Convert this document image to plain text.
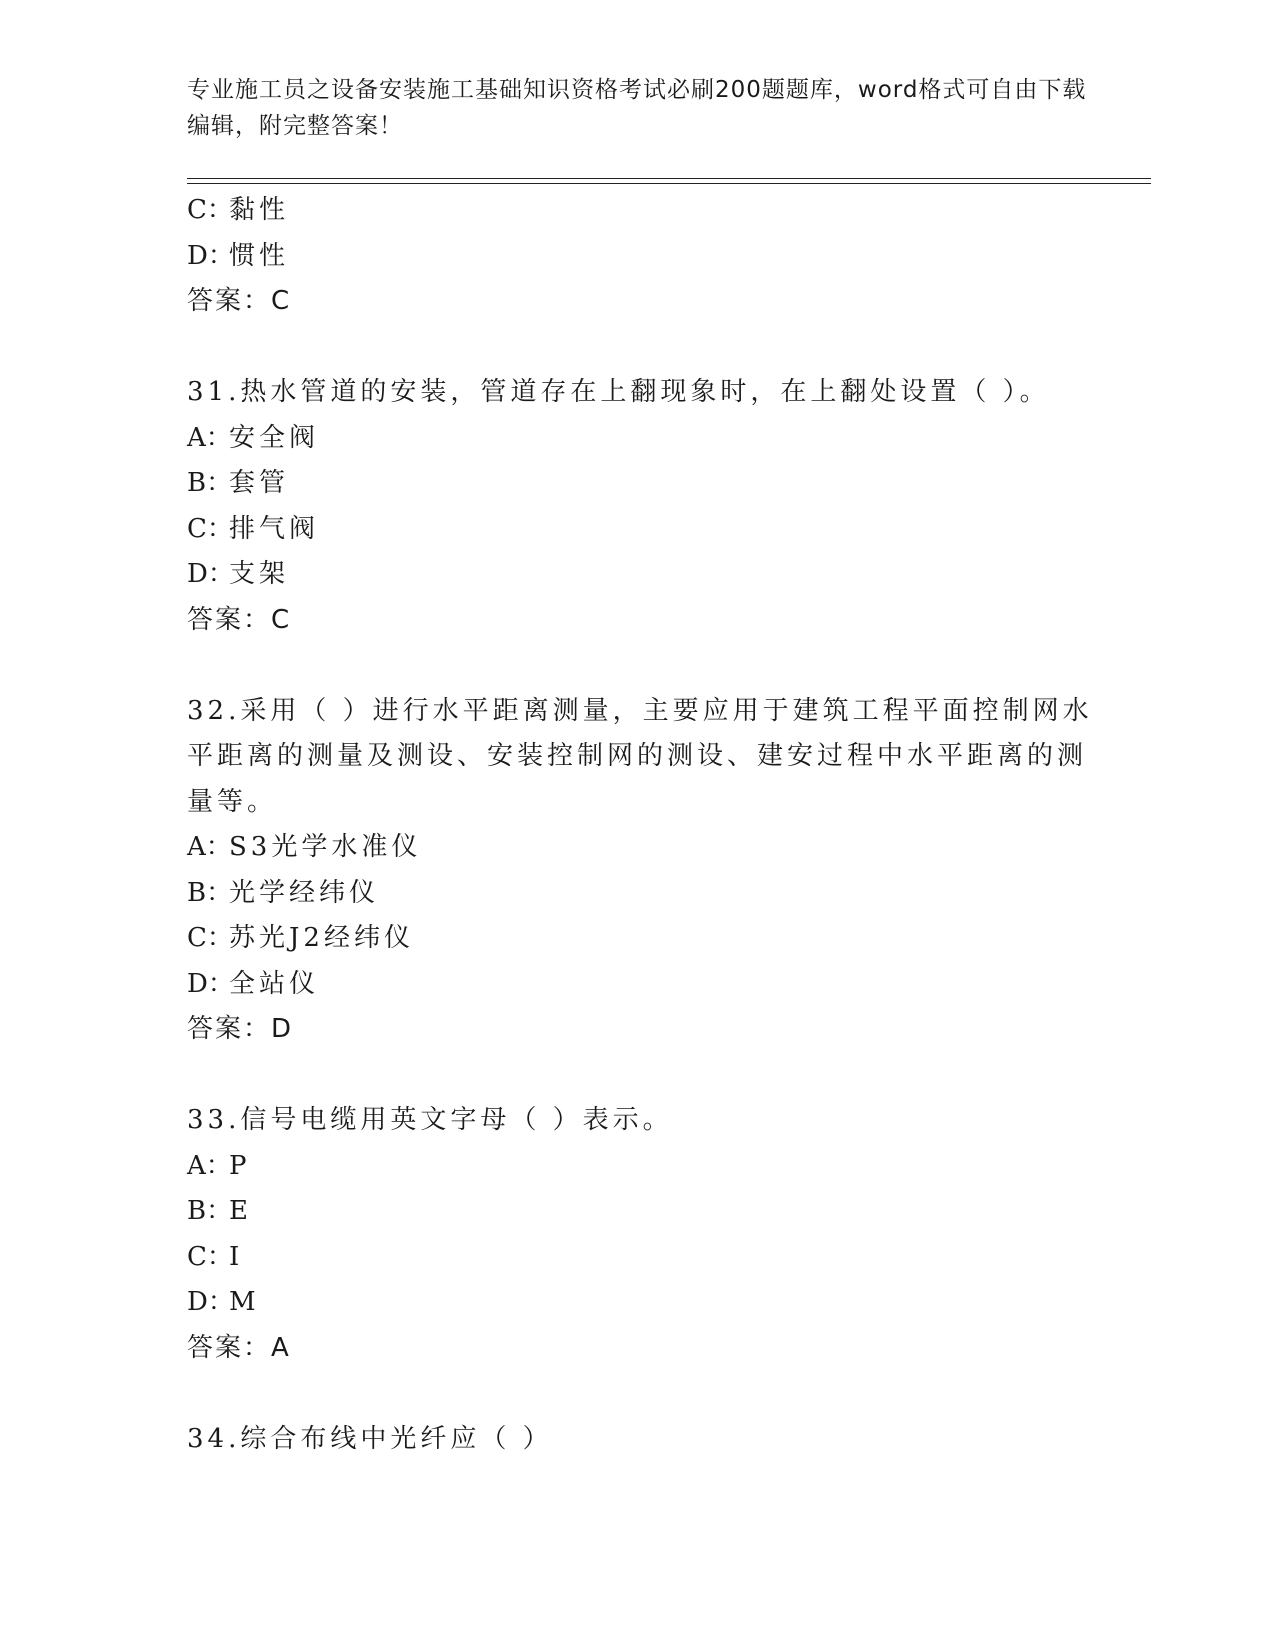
专业施工员之设备安装施工基础知识资格考试必刷200题题库，word格式可自由下载编辑，附完整答案！
C：黏性
D：惯性
答案：C
31.热水管道的安装，管道存在上翻现象时，在上翻处设置（ ）。
A：安全阀
B：套管
C：排气阀
D：支架
答案：C
32.采用（ ）进行水平距离测量，主要应用于建筑工程平面控制网水
平距离的测量及测设、安装控制网的测设、建安过程中水平距离的测
量等。
A：S3光学水准仪
B：光学经纬仪
C：苏光J2经纬仪
D：全站仪
答案：D
33.信号电缆用英文字母（ ）表示。
A：P
B：E
C：I
D：M
答案：A
34.综合布线中光纤应（ ）
